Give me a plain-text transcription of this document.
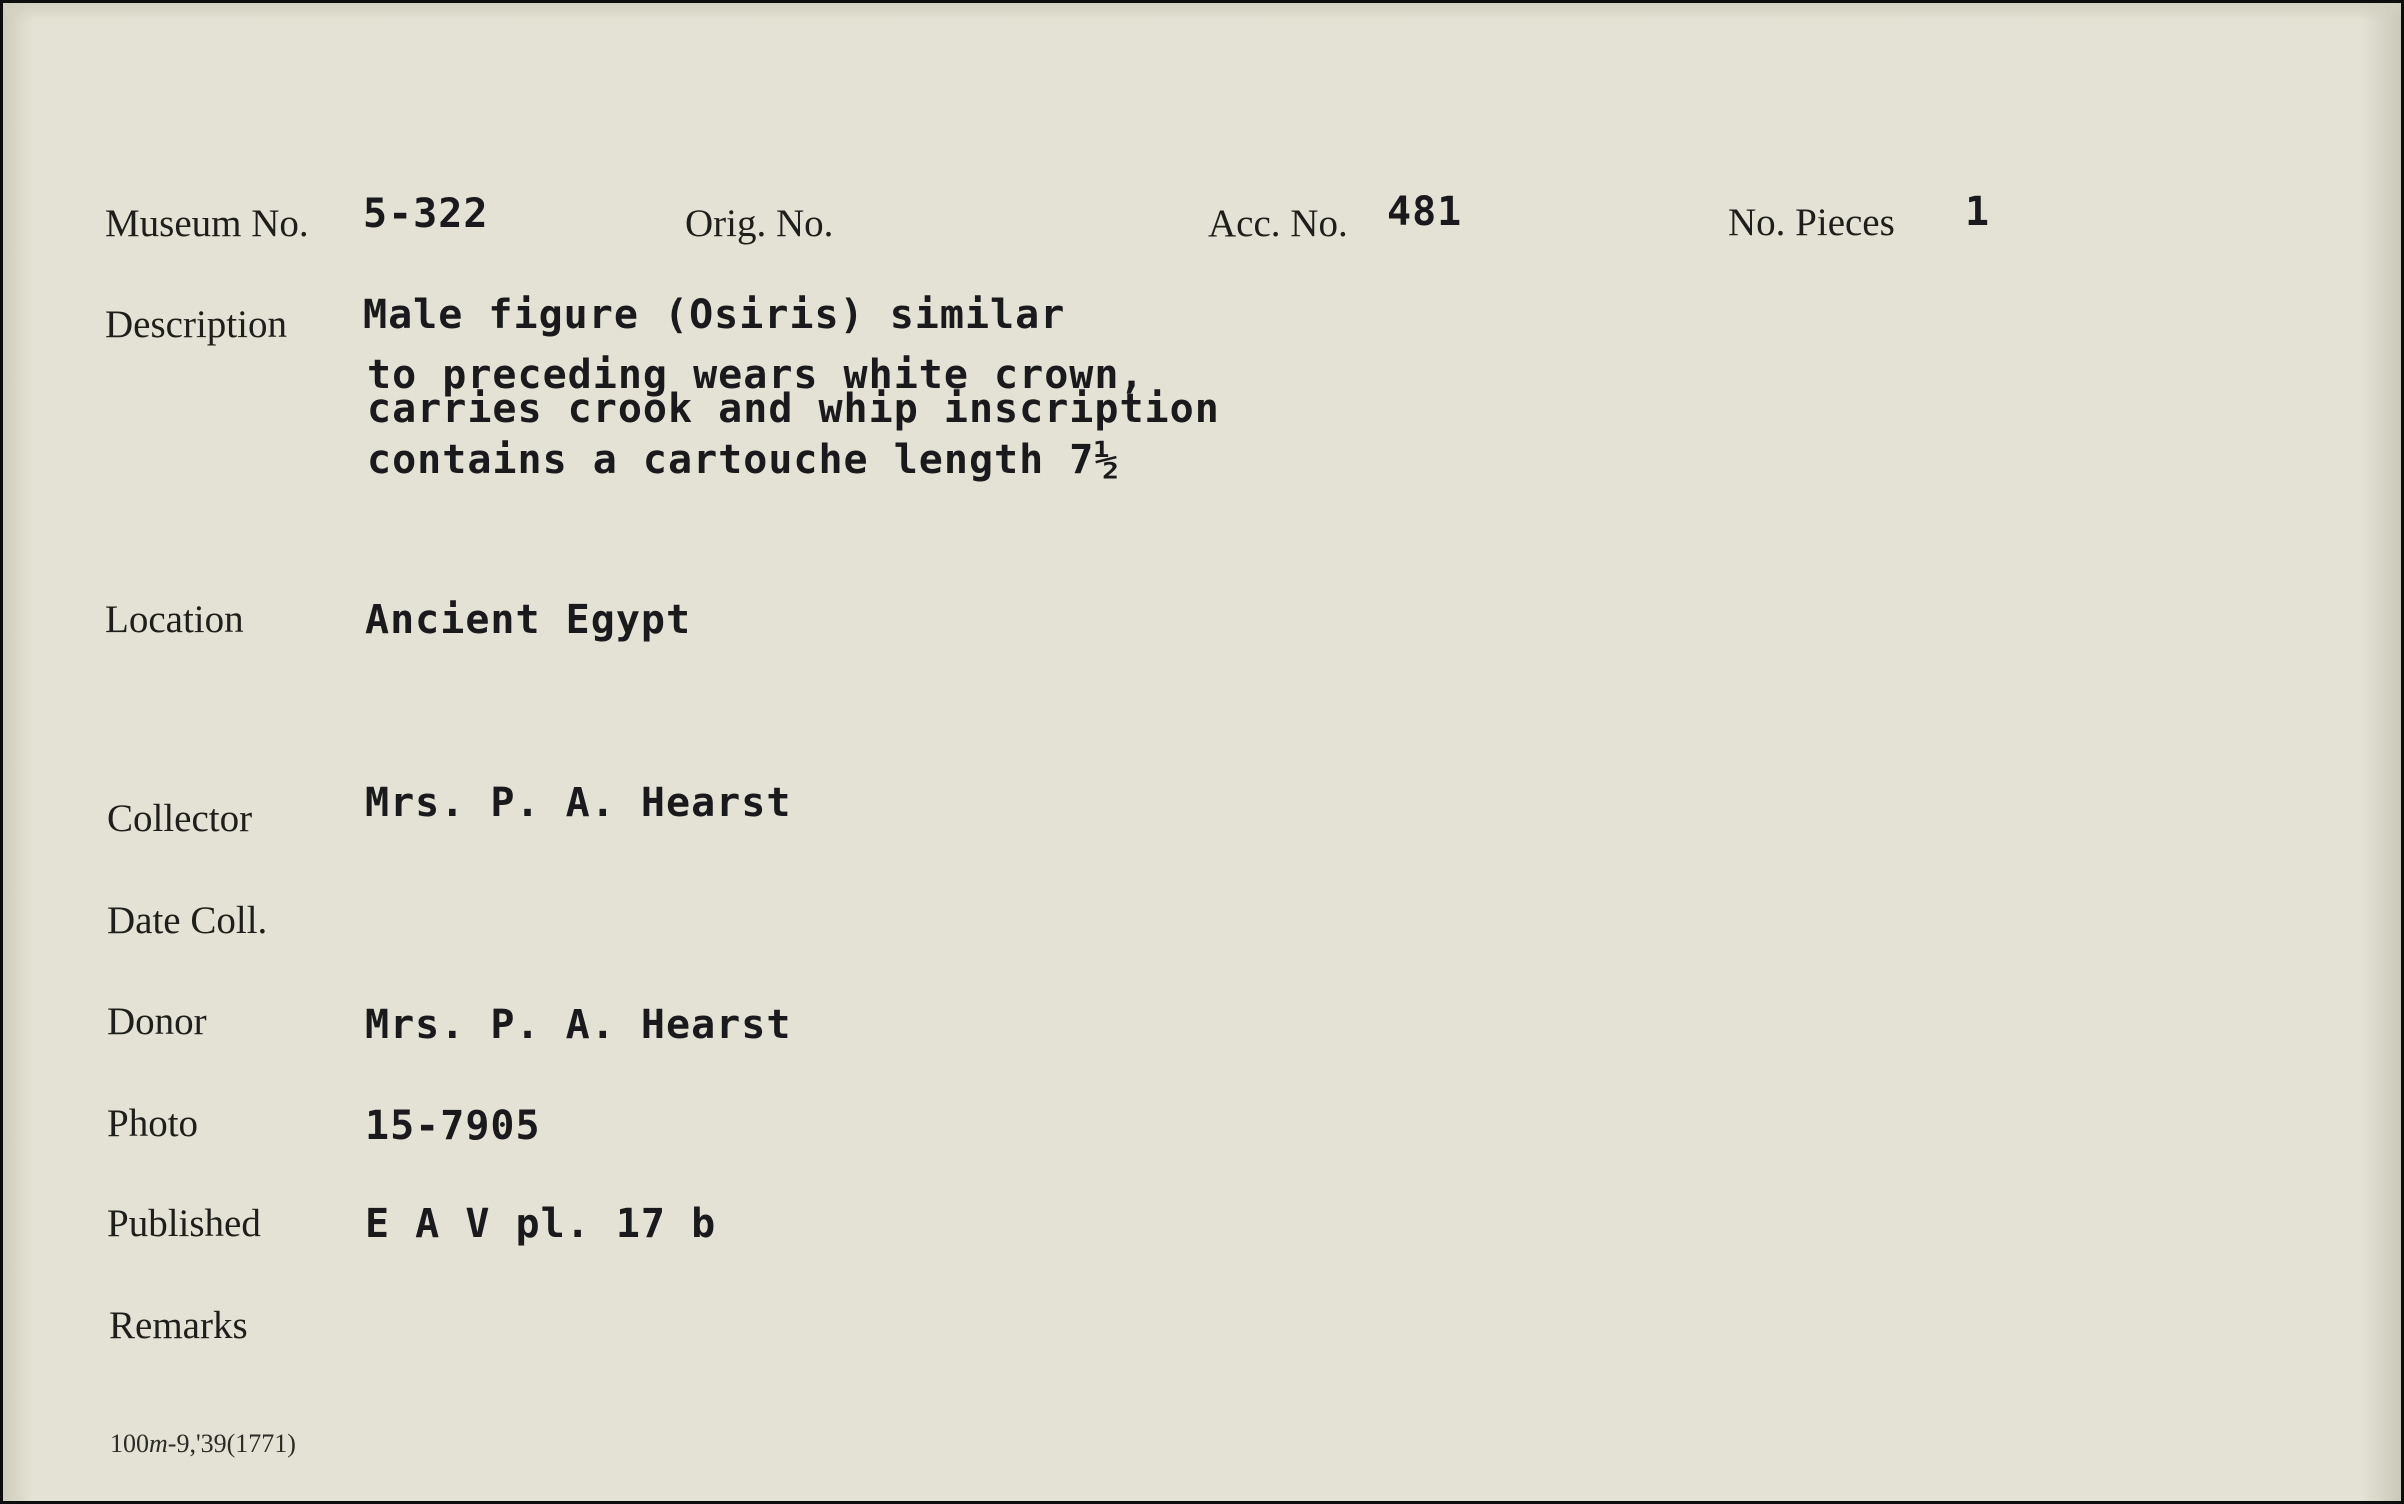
Museum No. 5-322	Orig. No.	Acc. No. 481	No. Pieces 1
Description Male figure (Osiris) similar
to preceding wears white crown,
carries crook and whip inscription
contains a cartouche length 7½
Location	Ancient Egypt
Collector	Mrs. P. A. Hearst
Date Coll.
Donor	Mrs. P. A. Hearst
Photo	15-7905
Published	E A V pl. 17 b
Remarks
100m-9,'39(1771)
